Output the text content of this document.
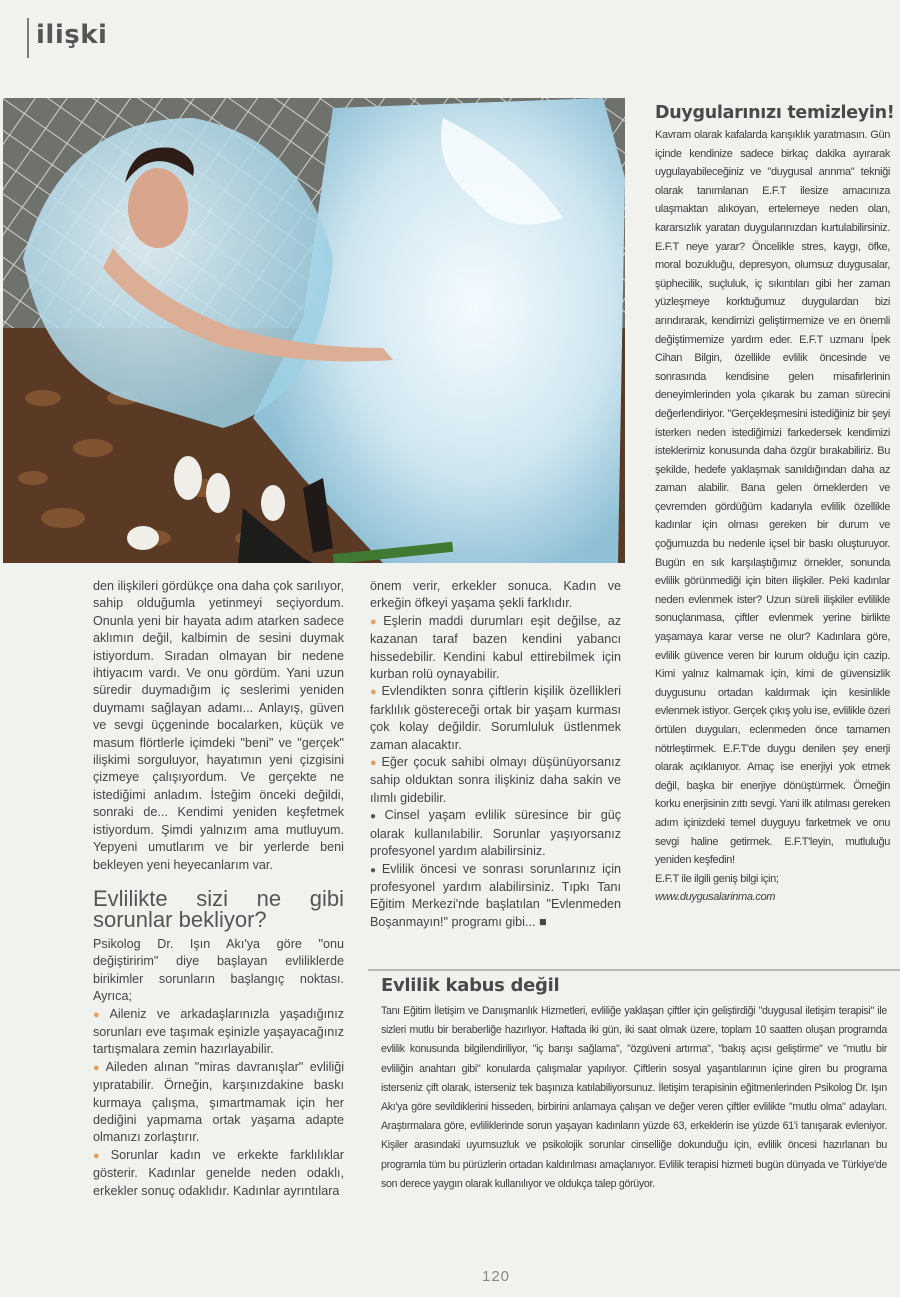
ilişki

den ilişkileri gördükçe ona daha çok sarılıyor, sahip olduğumla yetinmeyi seçiyordum. Onunla yeni bir hayata adım atarken sadece aklımın değil, kalbimin de sesini duymak istiyordum. Sıradan olmayan bir nedene ihtiyacım vardı. Ve onu gördüm. Yani uzun süredir duymadığım iç seslerimi yeniden duymamı sağlayan adamı... Anlayış, güven ve sevgi üçgeninde bocalarken, küçük ve masum flörtlerle içimdeki "beni" ve "gerçek" ilişkimi sorguluyor, hayatımın yeni çizgisini çizmeye çalışıyordum. Ve gerçekte ne istediğimi anladım. İsteğim önceki değildi, sonraki de... Kendimi yeniden keşfetmek istiyordum. Şimdi yalnızım ama mutluyum. Yepyeni umutlarım ve bir yerlerde beni bekleyen yeni heyecanlarım var.

Evlilikte sizi ne gibi sorunlar bekliyor?

Psikolog Dr. Işın Akı'ya göre "onu değiştiririm" diye başlayan evliliklerde birikimler sorunların başlangıç noktası. Ayrıca;

● Aileniz ve arkadaşlarınızla yaşadığınız sorunları eve taşımak eşinizle yaşayacağınız tartışmalara zemin hazırlayabilir.

● Aileden alınan "miras davranışlar" evliliği yıpratabilir. Örneğin, karşınızdakine baskı kurmaya çalışma, şımartmamak için her dediğini yapmama ortak yaşama adapte olmanızı zorlaştırır.

● Sorunlar kadın ve erkekte farklılıklar gösterir. Kadınlar genelde neden odaklı, erkekler sonuç odaklıdır. Kadınlar ayrıntılara

önem verir, erkekler sonuca. Kadın ve erkeğin öfkeyi yaşama şekli farklıdır.

● Eşlerin maddi durumları eşit değilse, az kazanan taraf bazen kendini yabancı hissedebilir. Kendini kabul ettirebilmek için kurban rolü oynayabilir.

● Evlendikten sonra çiftlerin kişilik özellikleri farklılık göstereceği ortak bir yaşam kurması çok kolay değildir. Sorumluluk üstlenmek zaman alacaktır.

● Eğer çocuk sahibi olmayı düşünüyorsanız sahip olduktan sonra ilişkiniz daha sakin ve ılımlı gidebilir.

● Cinsel yaşam evlilik süresince bir güç olarak kullanılabilir. Sorunlar yaşıyorsanız profesyonel yardım alabilirsiniz.

● Evlilik öncesi ve sonrası sorunlarınız için profesyonel yardım alabilirsiniz. Tıpkı Tanı Eğitim Merkezi'nde başlatılan "Evlenmeden Boşanmayın!" programı gibi... ■

Duygularınızı temizleyin!

Kavram olarak kafalarda karışıklık yaratmasın. Gün içinde kendinize sadece birkaç dakika ayırarak uygulayabileceğiniz ve "duygusal arınma" tekniği olarak tanımlanan E.F.T ilesize amacınıza ulaşmaktan alıkoyan, ertelemeye neden olan, kararsızlık yaratan duygularınızdan kurtulabilirsiniz. E.F.T neye yarar? Öncelikle stres, kaygı, öfke, moral bozukluğu, depresyon, olumsuz duygusalar, şüphecilik, suçluluk, iç sıkıntıları gibi her zaman yüzleşmeye korktuğumuz duygulardan bizi arındırarak, kendimizi geliştirmemize ve en önemli değiştirmemize yardım eder. E.F.T uzmanı İpek Cihan Bilgin, özellikle evlilik öncesinde ve sonrasında kendisine gelen misafirlerinin deneyimlerinden yola çıkarak bu zaman sürecini değerlendiriyor. "Gerçekleşmesini istediğiniz bir şeyi isterken neden istediğimizi farkedersek kendimizi isteklerimiz konusunda daha özgür bırakabiliriz. Bu şekilde, hedefe yaklaşmak sanıldığından daha az zaman alabilir. Bana gelen örneklerden ve çevremden gördüğüm kadarıyla evlilik özellikle kadınlar için olması gereken bir durum ve çoğumuzda bu nedenle içsel bir baskı oluşturuyor. Bugün en sık karşılaştığımız örnekler, sonunda evlilik görünmediği için biten ilişkiler. Peki kadınlar neden evlenmek ister? Uzun süreli ilişkiler evlilikle sonuçlanmasa, çiftler evlenmek yerine birlikte yaşamaya karar verse ne olur? Kadınlara göre, evlilik güvence veren bir kurum olduğu için cazip. Kimi yalnız kalmamak için, kimi de güvensizlik duygusunu ortadan kaldırmak için kesinlikle evlenmek istiyor. Gerçek çıkış yolu ise, evlilikle özeri örtülen duyguları, eclenmeden önce tamamen nötrleştirmek. E.F.T'de duygu denilen şey enerji olarak açıklanıyor. Amaç ise enerjiyi yok etmek değil, başka bir enerjiye dönüştürmek. Örneğin korku enerjisinin zıttı sevgi. Yani ilk atılması gereken adım içinizdeki temel duyguyu farketmek ve onu sevgi haline getirmek. E.F.T'leyin, mutluluğu yeniden keşfedin!

E.F.T ile ilgili geniş bilgi için;

www.duygusalarinma.com

Evlilik kabus değil
Tanı Eğitim İletişim ve Danışmanlık Hizmetleri, evliliğe yaklaşan çiftler için geliştirdiği "duygusal iletişim terapisi" ile sizleri mutlu bir beraberliğe hazırlıyor. Haftada iki gün, iki saat olmak üzere, toplam 10 saatten oluşan programda evlilik konusunda bilgilendiriliyor, "iç barışı sağlama", "özgüveni artırma", "bakış açısı geliştirme" ve "mutlu bir evliliğin anahtarı gibi" konularda çalışmalar yapılıyor. Çiftlerin sosyal yaşantılarının içine giren bu programa isterseniz çift olarak, isterseniz tek başınıza katılabiliyorsunuz. İletişim terapisinin eğitmenlerinden Psikolog Dr. Işın Akı'ya göre sevildiklerini hisseden, birbirini anlamaya çalışan ve değer veren çiftler evlilikte "mutlu olma" adayları. Araştırmalara göre, evliliklerinde sorun yaşayan kadınların yüzde 63, erkeklerin ise yüzde 61'i tanışarak evleniyor. Kişiler arasındaki uyumsuzluk ve psikolojik sorunlar cinselliğe dokunduğu için, evlilik öncesi hazırlanan bu programla tüm bu pürüzlerin ortadan kaldırılması amaçlanıyor. Evlilik terapisi hizmeti bugün dünyada ve Türkiye'de son derece yaygın olarak kullanılıyor ve oldukça talep görüyor.
120
